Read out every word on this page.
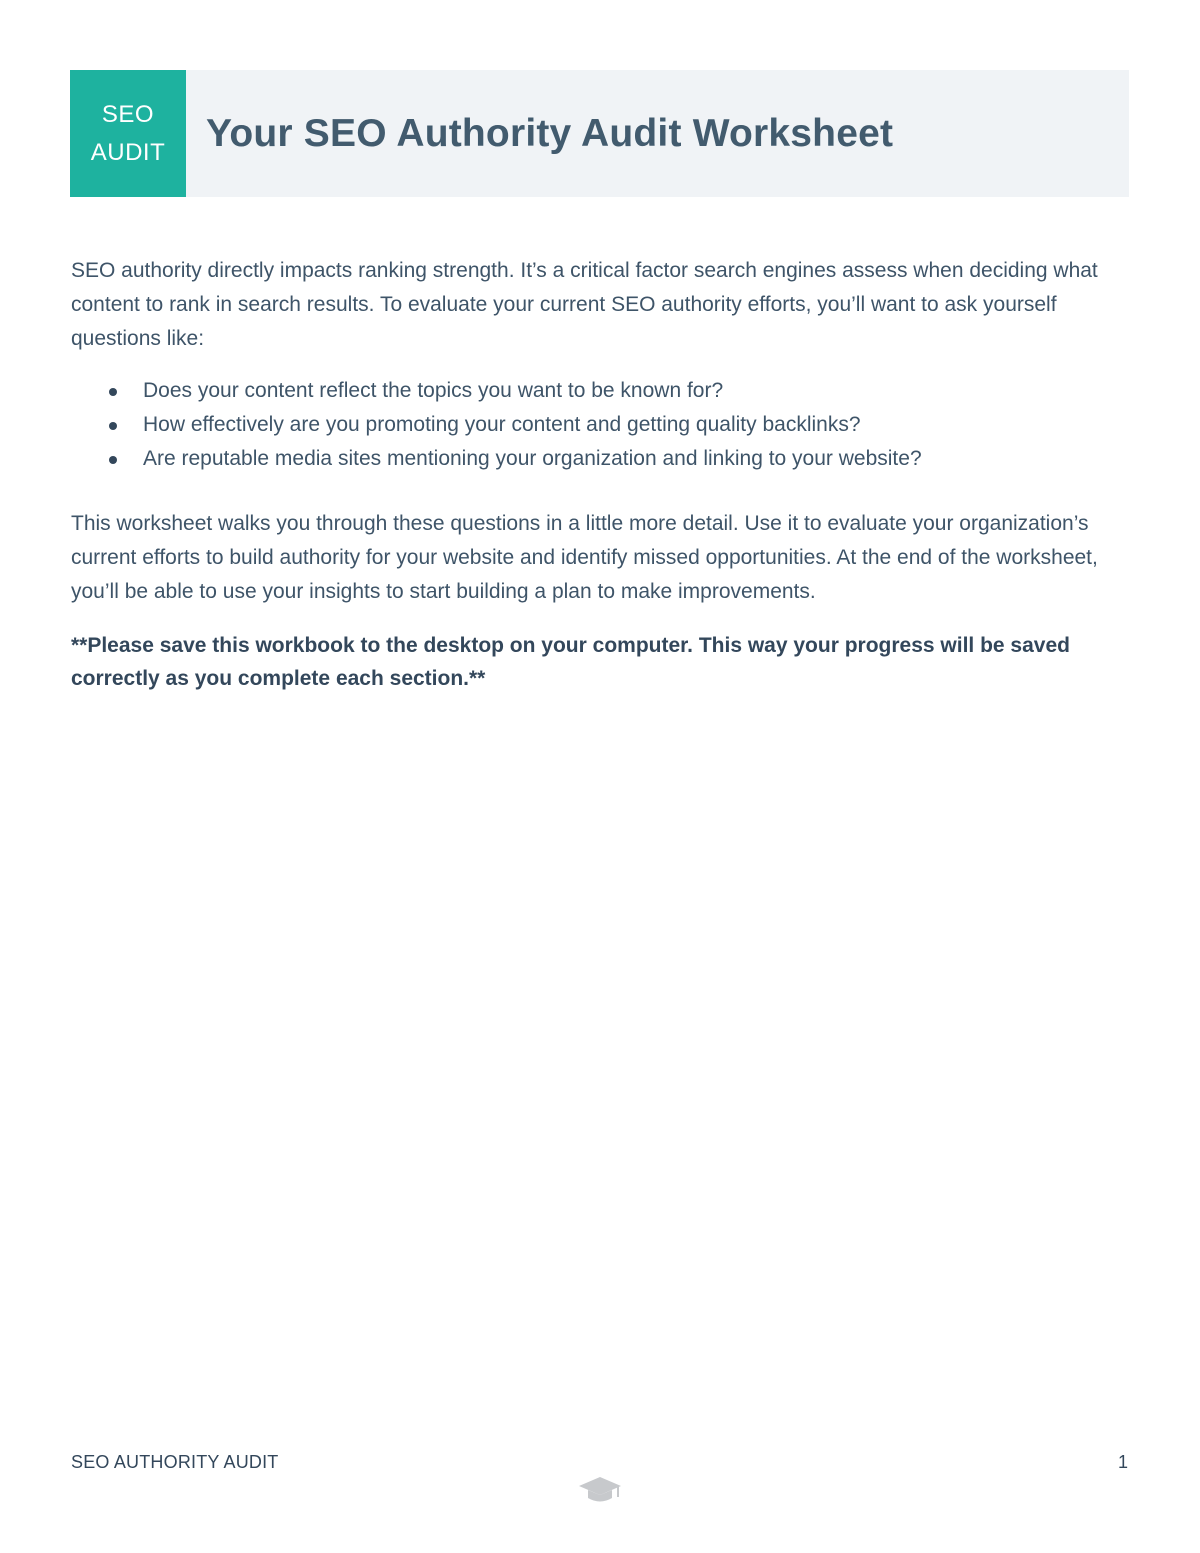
SEO
AUDIT	Your SEO Authority Audit Worksheet

SEO authority directly impacts ranking strength. It’s a critical factor search engines assess when deciding what content to rank in search results. To evaluate your current SEO authority efforts, you’ll want to ask yourself questions like:

Does your content reflect the topics you want to be known for?
How effectively are you promoting your content and getting quality backlinks?
Are reputable media sites mentioning your organization and linking to your website?

This worksheet walks you through these questions in a little more detail. Use it to evaluate your organization’s current efforts to build authority for your website and identify missed opportunities. At the end of the worksheet, you’ll be able to use your insights to start building a plan to make improvements.

**Please save this workbook to the desktop on your computer. This way your progress will be saved correctly as you complete each section.**

SEO AUTHORITY AUDIT	1
